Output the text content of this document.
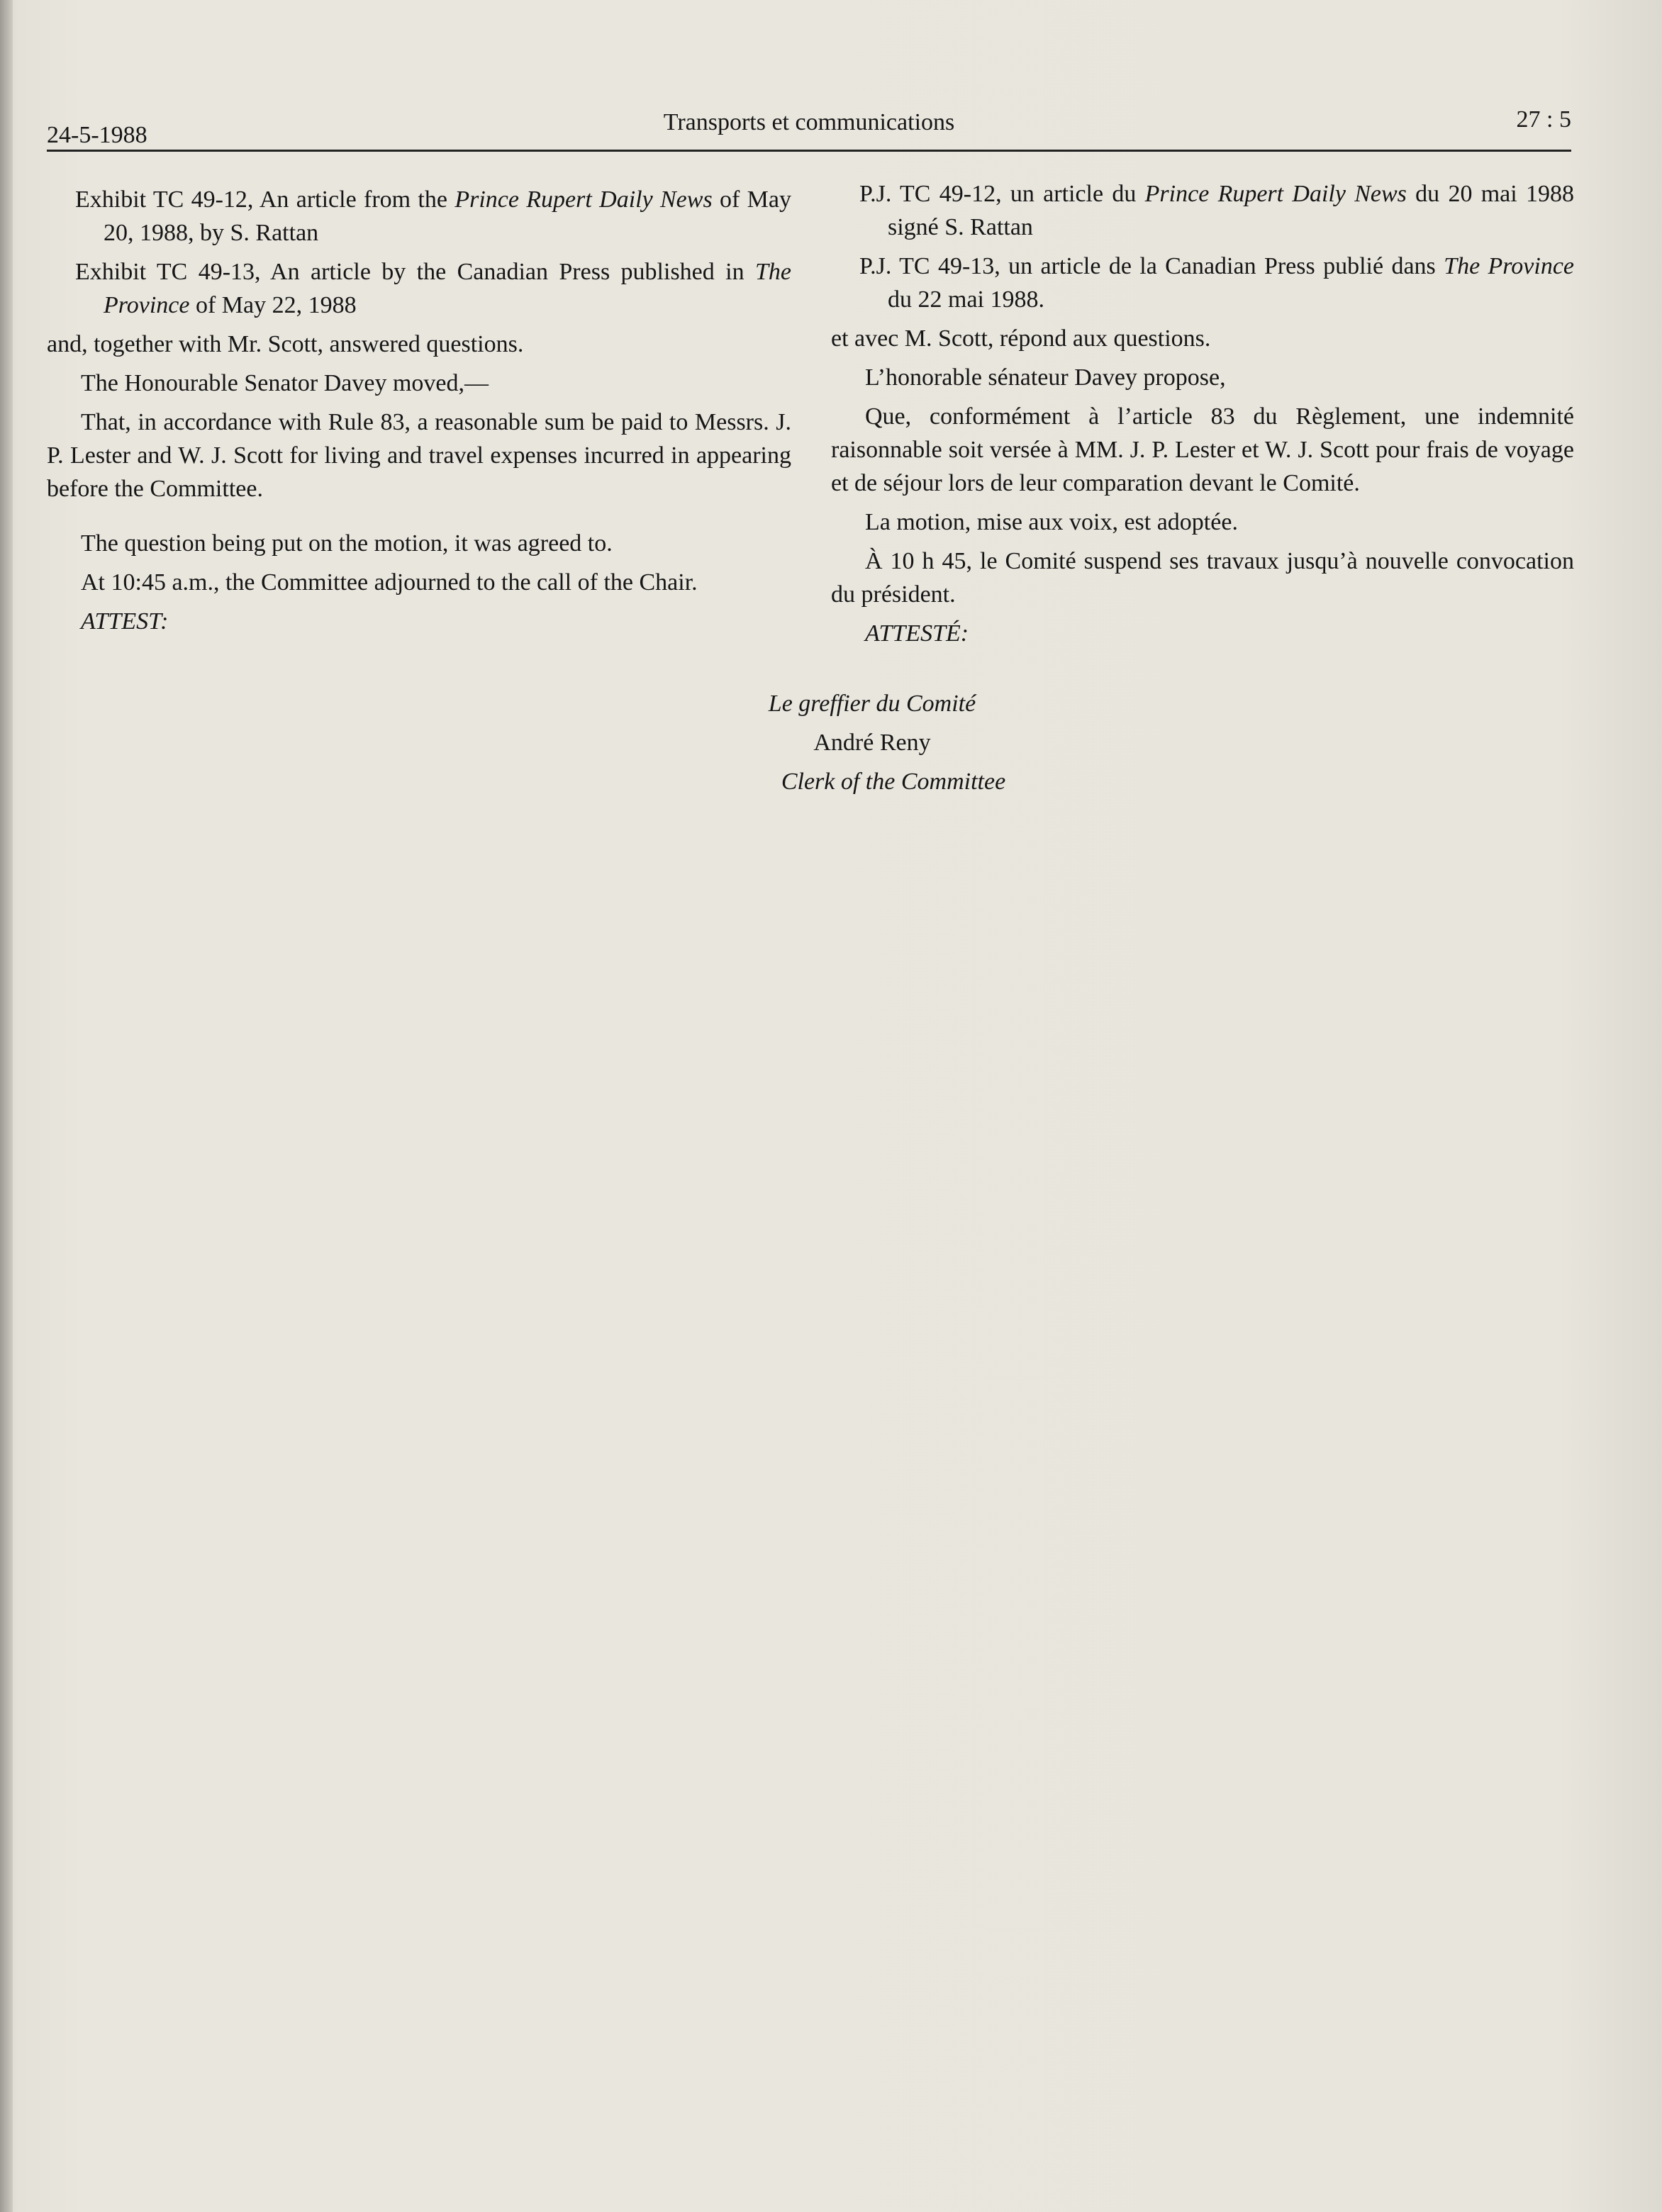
24-5-1988	Transports et communications	27 : 5

Exhibit TC 49-12, An article from the Prince Rupert Daily News of May 20, 1988, by S. Rattan

Exhibit TC 49-13, An article by the Canadian Press published in The Province of May 22, 1988

and, together with Mr. Scott, answered questions.

The Honourable Senator Davey moved,—

That, in accordance with Rule 83, a reasonable sum be paid to Messrs. J. P. Lester and W. J. Scott for living and travel expenses incurred in appearing before the Committee.

The question being put on the motion, it was agreed to.

At 10:45 a.m., the Committee adjourned to the call of the Chair.

ATTEST:

P.J. TC 49-12, un article du Prince Rupert Daily News du 20 mai 1988 signé S. Rattan

P.J. TC 49-13, un article de la Canadian Press publié dans The Province du 22 mai 1988.

et avec M. Scott, répond aux questions.

L’honorable sénateur Davey propose,

Que, conformément à l’article 83 du Règlement, une indemnité raisonnable soit versée à MM. J. P. Lester et W. J. Scott pour frais de voyage et de séjour lors de leur comparation devant le Comité.

La motion, mise aux voix, est adoptée.

À 10 h 45, le Comité suspend ses travaux jusqu’à nouvelle convocation du président.

ATTESTÉ:

Le greffier du Comité
André Reny
Clerk of the Committee
